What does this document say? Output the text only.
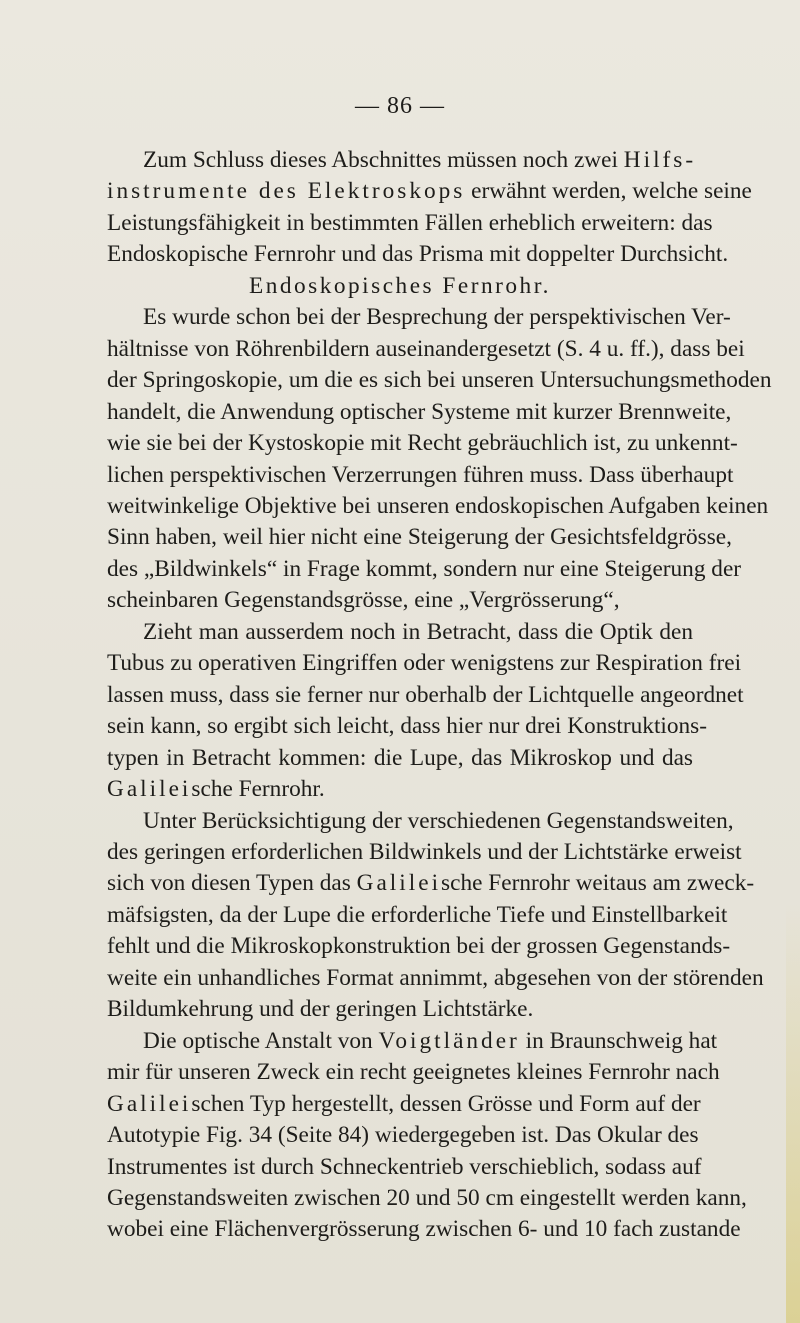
— 86 —
Zum Schluss dieses Abschnittes müssen noch zwei Hilfs-
instrumente des Elektroskops erwähnt werden, welche seine
Leistungsfähigkeit in bestimmten Fällen erheblich erweitern: das
Endoskopische Fernrohr und das Prisma mit doppelter Durchsicht.
Endoskopisches Fernrohr.
Es wurde schon bei der Besprechung der perspektivischen Ver-
hältnisse von Röhrenbildern auseinandergesetzt (S. 4 u. ff.), dass bei
der Springoskopie, um die es sich bei unseren Untersuchungsmethoden
handelt, die Anwendung optischer Systeme mit kurzer Brennweite,
wie sie bei der Kystoskopie mit Recht gebräuchlich ist, zu unkennt-
lichen perspektivischen Verzerrungen führen muss. Dass überhaupt
weitwinkelige Objektive bei unseren endoskopischen Aufgaben keinen
Sinn haben, weil hier nicht eine Steigerung der Gesichtsfeldgrösse,
des „Bildwinkels“ in Frage kommt, sondern nur eine Steigerung der
scheinbaren Gegenstandsgrösse, eine „Vergrösserung“,
Zieht man ausserdem noch in Betracht, dass die Optik den
Tubus zu operativen Eingriffen oder wenigstens zur Respiration frei
lassen muss, dass sie ferner nur oberhalb der Lichtquelle angeordnet
sein kann, so ergibt sich leicht, dass hier nur drei Konstruktions-
typen in Betracht kommen: die Lupe, das Mikroskop und das
Galileische Fernrohr.
Unter Berücksichtigung der verschiedenen Gegenstandsweiten,
des geringen erforderlichen Bildwinkels und der Lichtstärke erweist
sich von diesen Typen das Galileische Fernrohr weitaus am zweck-
mäfsigsten, da der Lupe die erforderliche Tiefe und Einstellbarkeit
fehlt und die Mikroskopkonstruktion bei der grossen Gegenstands-
weite ein unhandliches Format annimmt, abgesehen von der störenden
Bildumkehrung und der geringen Lichtstärke.
Die optische Anstalt von Voigtländer in Braunschweig hat
mir für unseren Zweck ein recht geeignetes kleines Fernrohr nach
Galileischen Typ hergestellt, dessen Grösse und Form auf der
Autotypie Fig. 34 (Seite 84) wiedergegeben ist. Das Okular des
Instrumentes ist durch Schneckentrieb verschieblich, sodass auf
Gegenstandsweiten zwischen 20 und 50 cm eingestellt werden kann,
wobei eine Flächenvergrösserung zwischen 6- und 10 fach zustande
